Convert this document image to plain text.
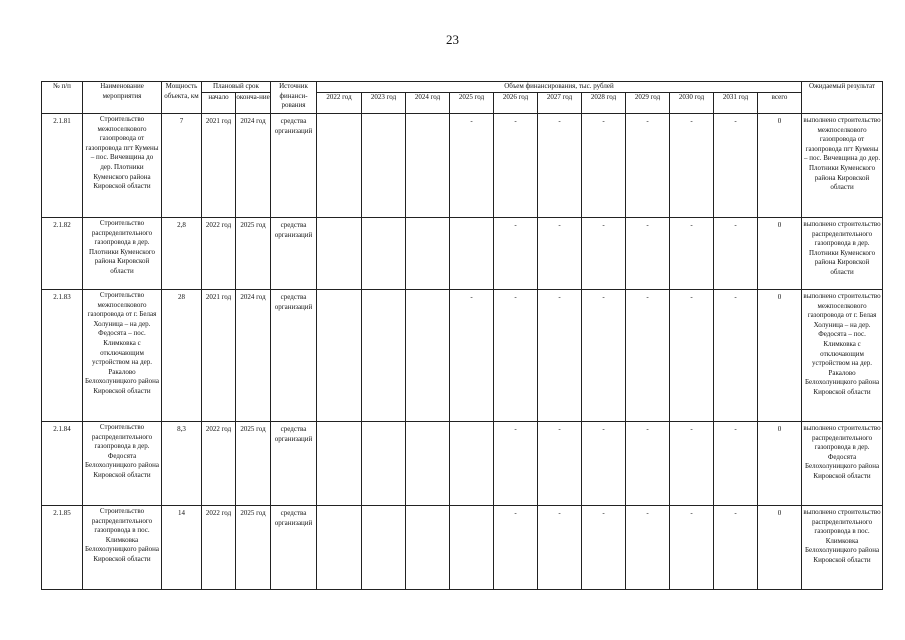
23
№ п/п	Наименование мероприятия	Мощность объекта, км	Плановый срок		Источник финанси-рования	Объем финансирования, тыс. рублей											Ожидаемый результат
			начало	оконча-ние		2022 год	2023 год	2024 год	2025 год	2026 год	2027 год	2028 год	2029 год	2030 год	2031 год	всего	

2.1.81	Строительство межпоселкового газопровода от газопровода пгт Кумены – пос. Вичевщина до дер. Плотники Куменского района Кировской области	7	2021 год	2024 год	средства организаций				-	-	-	-	-	-	-	0	выполнено строительство межпоселкового газопровода от газопровода пгт Кумены – пос. Вичевщина до дер. Плотники Куменского района Кировской области

2.1.82	Строительство распределительного газопровода в дер. Плотники Куменского района Кировской области	2,8	2022 год	2025 год	средства организаций					-	-	-	-	-	-	0	выполнено строительство распределительного газопровода в дер. Плотники Куменского района Кировской области

2.1.83	Строительство межпоселкового газопровода от г. Белая Холуница – на дер. Федосята – пос. Климковка с отключающим устройством на дер. Ракалово Белохолуницкого района Кировской области	28	2021 год	2024 год	средства организаций				-	-	-	-	-	-	-	0	выполнено строительство межпоселкового газопровода от г. Белая Холуница – на дер. Федосята – пос. Климковка с отключающим устройством на дер. Ракалово Белохолуницкого района Кировской области

2.1.84	Строительство распределительного газопровода в дер. Федосята Белохолуницкого района Кировской области	8,3	2022 год	2025 год	средства организаций					-	-	-	-	-	-	0	выполнено строительство распределительного газопровода в дер. Федосята Белохолуницкого района Кировской области

2.1.85	Строительство распределительного газопровода в пос. Климковка Белохолуницкого района Кировской области	14	2022 год	2025 год	средства организаций					-	-	-	-	-	-	0	выполнено строительство распределительного газопровода в пос. Климковка Белохолуницкого района Кировской области
